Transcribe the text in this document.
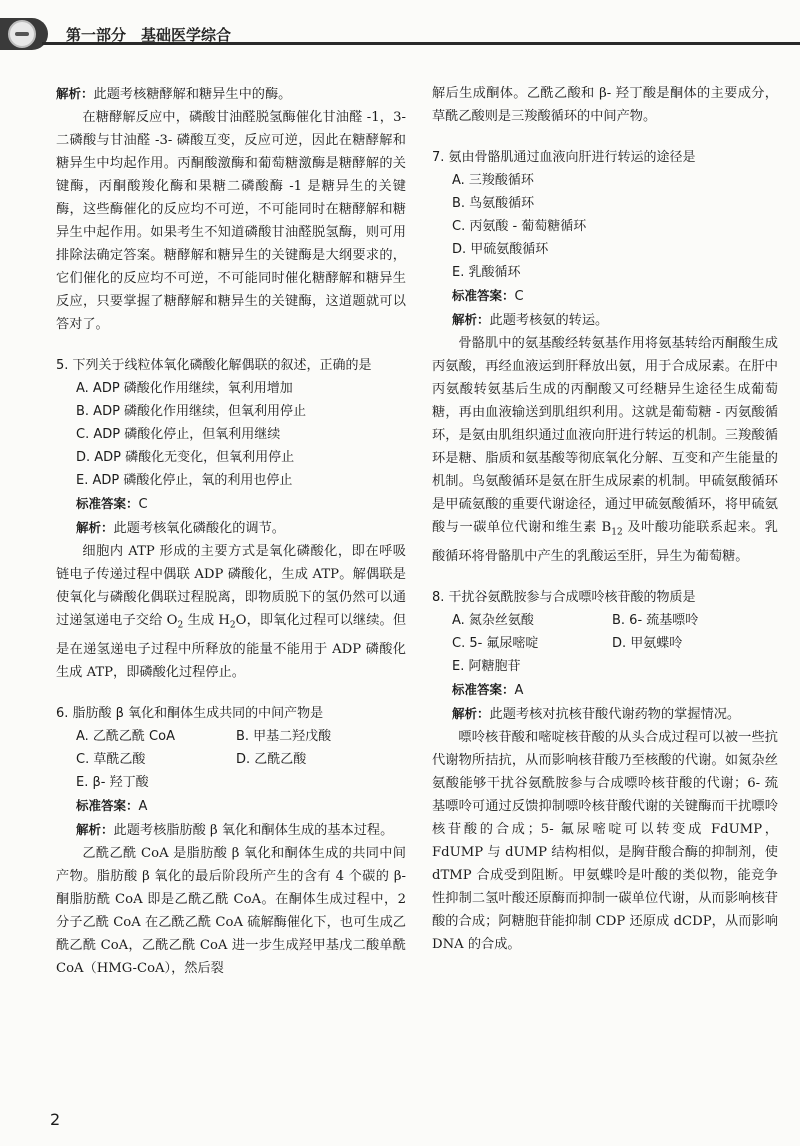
第一部分　基础医学综合

解析：此题考核糖酵解和糖异生中的酶。

在糖酵解反应中，磷酸甘油醛脱氢酶催化甘油醛 -1，3- 二磷酸与甘油醛 -3- 磷酸互变，反应可逆，因此在糖酵解和糖异生中均起作用。丙酮酸激酶和葡萄糖激酶是糖酵解的关键酶，丙酮酸羧化酶和果糖二磷酸酶 -1 是糖异生的关键酶，这些酶催化的反应均不可逆，不可能同时在糖酵解和糖异生中起作用。如果考生不知道磷酸甘油醛脱氢酶，则可用排除法确定答案。糖酵解和糖异生的关键酶是大纲要求的，它们催化的反应均不可逆，不可能同时催化糖酵解和糖异生反应，只要掌握了糖酵解和糖异生的关键酶，这道题就可以答对了。

5. 下列关于线粒体氧化磷酸化解偶联的叙述，正确的是

A. ADP 磷酸化作用继续，氧利用增加
B. ADP 磷酸化作用继续，但氧利用停止
C. ADP 磷酸化停止，但氧利用继续
D. ADP 磷酸化无变化，但氧利用停止
E. ADP 磷酸化停止，氧的利用也停止
标准答案：C

解析：此题考核氧化磷酸化的调节。

细胞内 ATP 形成的主要方式是氧化磷酸化，即在呼吸链电子传递过程中偶联 ADP 磷酸化，生成 ATP。解偶联是使氧化与磷酸化偶联过程脱离，即物质脱下的氢仍然可以通过递氢递电子交给 $O_2$ 生成 $H_2O$，即氧化过程可以继续。但是在递氢递电子过程中所释放的能量不能用于 ADP 磷酸化生成 ATP，即磷酸化过程停止。

6. 脂肪酸 β 氧化和酮体生成共同的中间产物是

A. 乙酰乙酰 CoA	B. 甲基二羟戊酸
C. 草酰乙酸	D. 乙酰乙酸
E. β- 羟丁酸
标准答案：A

解析：此题考核脂肪酸 β 氧化和酮体生成的基本过程。

乙酰乙酰 CoA 是脂肪酸 β 氧化和酮体生成的共同中间产物。脂肪酸 β 氧化的最后阶段所产生的含有 4 个碳的 β- 酮脂肪酰 CoA 即是乙酰乙酰 CoA。在酮体生成过程中，2 分子乙酰 CoA 在乙酰乙酰 CoA 硫解酶催化下，也可生成乙酰乙酰 CoA，乙酰乙酰 CoA 进一步生成羟甲基戊二酸单酰 CoA（HMG-CoA），然后裂

解后生成酮体。乙酰乙酸和 β- 羟丁酸是酮体的主要成分，草酰乙酸则是三羧酸循环的中间产物。

7. 氨由骨骼肌通过血液向肝进行转运的途径是

A. 三羧酸循环
B. 鸟氨酸循环
C. 丙氨酸 - 葡萄糖循环
D. 甲硫氨酸循环
E. 乳酸循环
标准答案：C

解析：此题考核氨的转运。

骨骼肌中的氨基酸经转氨基作用将氨基转给丙酮酸生成丙氨酸，再经血液运到肝释放出氨，用于合成尿素。在肝中丙氨酸转氨基后生成的丙酮酸又可经糖异生途径生成葡萄糖，再由血液输送到肌组织利用。这就是葡萄糖 - 丙氨酸循环，是氨由肌组织通过血液向肝进行转运的机制。三羧酸循环是糖、脂质和氨基酸等彻底氧化分解、互变和产生能量的机制。鸟氨酸循环是氨在肝生成尿素的机制。甲硫氨酸循环是甲硫氨酸的重要代谢途径，通过甲硫氨酸循环，将甲硫氨酸与一碳单位代谢和维生素 $B_{12}$ 及叶酸功能联系起来。乳酸循环将骨骼肌中产生的乳酸运至肝，异生为葡萄糖。

8. 干扰谷氨酰胺参与合成嘌呤核苷酸的物质是

A. 氮杂丝氨酸	B. 6- 巯基嘌呤
C. 5- 氟尿嘧啶	D. 甲氨蝶呤
E. 阿糖胞苷
标准答案：A

解析：此题考核对抗核苷酸代谢药物的掌握情况。

嘌呤核苷酸和嘧啶核苷酸的从头合成过程可以被一些抗代谢物所拮抗，从而影响核苷酸乃至核酸的代谢。如氮杂丝氨酸能够干扰谷氨酰胺参与合成嘌呤核苷酸的代谢；6- 巯基嘌呤可通过反馈抑制嘌呤核苷酸代谢的关键酶而干扰嘌呤核苷酸的合成；5- 氟尿嘧啶可以转变成 FdUMP，FdUMP 与 dUMP 结构相似，是胸苷酸合酶的抑制剂，使 dTMP 合成受到阻断。甲氨蝶呤是叶酸的类似物，能竞争性抑制二氢叶酸还原酶而抑制一碳单位代谢，从而影响核苷酸的合成；阿糖胞苷能抑制 CDP 还原成 dCDP，从而影响 DNA 的合成。

2
